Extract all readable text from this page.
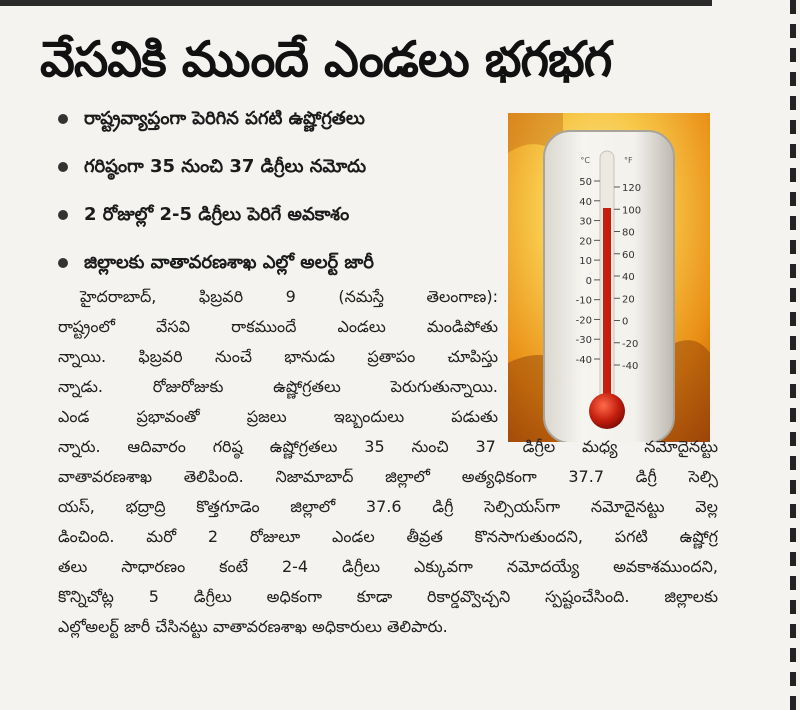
వేసవికి ముందే ఎండలు భగభగ
రాష్ట్రవ్యాప్తంగా పెరిగిన పగటి ఉష్ణోగ్రతలు
గరిష్ఠంగా 35 నుంచి 37 డిగ్రీలు నమోదు
2 రోజుల్లో 2-5 డిగ్రీలు పెరిగే అవకాశం
జిల్లాలకు వాతావరణశాఖ ఎల్లో అలర్ట్ జారీ
°C	°F
50
40
30
20
10
0
-10
-20
-30
-40
120
100
80
60
40
20
0
-20
-40
హైదరాబాద్, ఫిబ్రవరి 9 (నమస్తే తెలంగాణ):
రాష్ట్రంలో వేసవి రాకముందే ఎండలు మండిపోతు
న్నాయి. ఫిబ్రవరి నుంచే భానుడు ప్రతాపం చూపిస్తు
న్నాడు. రోజురోజుకు ఉష్ణోగ్రతలు పెరుగుతున్నాయి.
ఎండ ప్రభావంతో ప్రజలు ఇబ్బందులు పడుతు
న్నారు. ఆదివారం గరిష్ఠ ఉష్ణోగ్రతలు 35 నుంచి 37 డిగ్రీల మధ్య నమోదైనట్టు
వాతావరణశాఖ తెలిపింది. నిజామాబాద్ జిల్లాలో అత్యధికంగా 37.7 డిగ్రీ సెల్సి
యస్, భద్రాద్రి కొత్తగూడెం జిల్లాలో 37.6 డిగ్రీ సెల్సియస్‌గా నమోదైనట్టు వెల్ల
డించింది. మరో 2 రోజులూ ఎండల తీవ్రత కొనసాగుతుందని, పగటి ఉష్ణోగ్ర
తలు సాధారణం కంటే 2-4 డిగ్రీలు ఎక్కువగా నమోదయ్యే అవకాశముందని,
కొన్నిచోట్ల 5 డిగ్రీలు అధికంగా కూడా రికార్డవ్వొచ్చని స్పష్టంచేసింది. జిల్లాలకు
ఎల్లోఅలర్ట్ జారీ చేసినట్టు వాతావరణశాఖ అధికారులు తెలిపారు.
